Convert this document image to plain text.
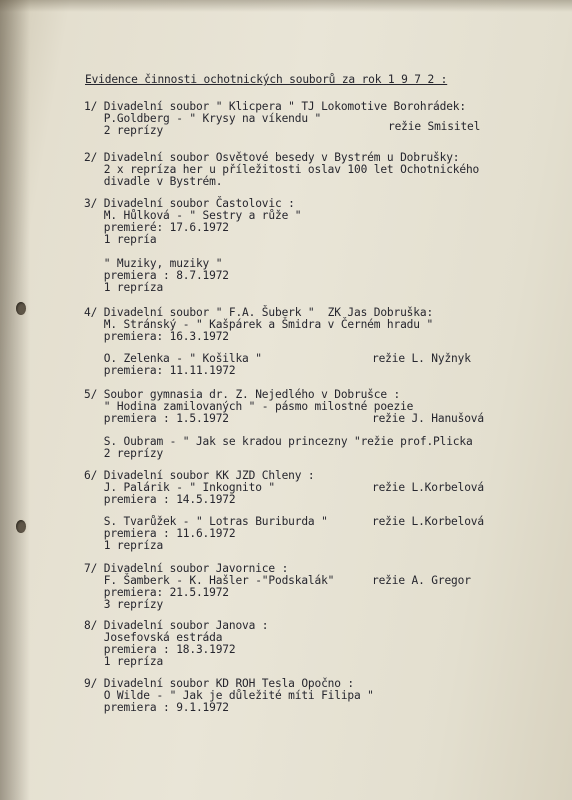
Evidence činnosti ochotnických souborů za rok 1 9 7 2 :
1/ Divadelní soubor " Klicpera " TJ Lokomotive Borohrádek:
P.Goldberg - " Krysy na víkendu "
režie Smisitel
2 reprízy
2/ Divadelní soubor Osvětové besedy v Bystrém u Dobrušky:
2 x repríza her u příležitosti oslav 100 let Ochotnického
divadle v Bystrém.
3/ Divadelní soubor Častolovic :
M. Hůlková - " Sestry a růže "
premieré: 17.6.1972
1 repría
" Muziky, muziky "
premiera : 8.7.1972
1 repríza
4/ Divadelní soubor " F.A. Šuberk "  ZK Jas Dobruška:
M. Stránský - " Kašpárek a Šmidra v Černém hradu "
premiera: 16.3.1972
O. Zelenka - " Košilka "	režie L. Nyžnyk
premiera: 11.11.1972
5/ Soubor gymnasia dr. Z. Nejedlého v Dobrušce :
" Hodina zamilovaných " - pásmo milostné poezie
premiera : 1.5.1972	režie J. Hanušová
S. Oubram - " Jak se kradou princezny "režie prof.Plicka
2 reprízy
6/ Divadelní soubor KK JZD Chleny :
J. Palárik - " Inkognito "	režie L.Korbelová
premiera : 14.5.1972
S. Tvarůžek - " Lotras Buriburda "	režie L.Korbelová
premiera : 11.6.1972
1 repríza
7/ Divadelní soubor Javornice :
F. Šamberk - K. Hašler -"Podskalák"	režie A. Gregor
premiera: 21.5.1972
3 reprízy
8/ Divadelní soubor Janova :
Josefovská estráda
premiera : 18.3.1972
1 repríza
9/ Divadelní soubor KD ROH Tesla Opočno :
O Wilde - " Jak je důležité míti Filipa "
premiera : 9.1.1972
